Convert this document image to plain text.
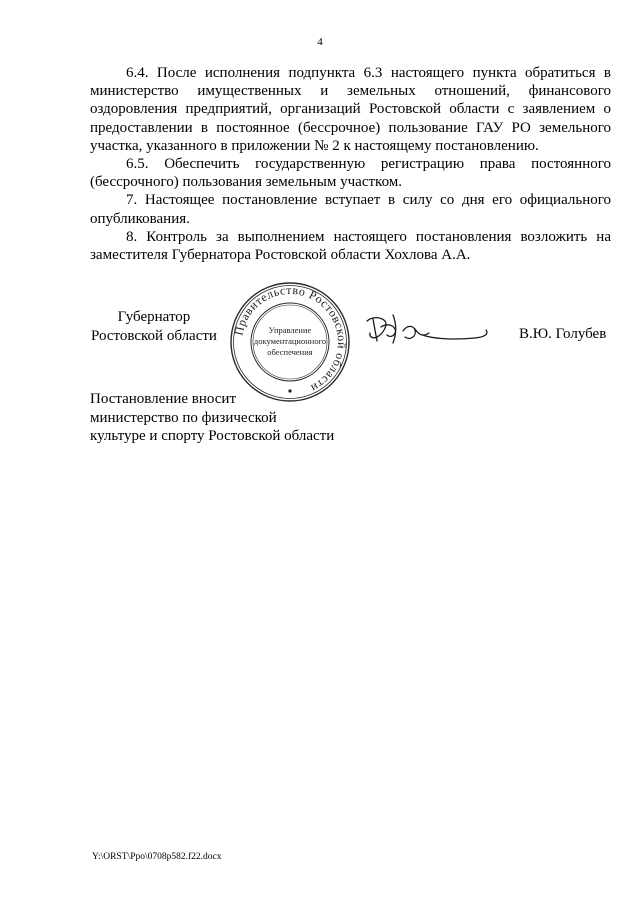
4

6.4. После исполнения подпункта 6.3 настоящего пункта обратиться в министерство имущественных и земельных отношений, финансового оздоровления предприятий, организаций Ростовской области с заявлением о предоставлении в постоянное (бессрочное) пользование ГАУ РО земельного участка, указанного в приложении № 2 к настоящему постановлению.

6.5. Обеспечить государственную регистрацию права постоянного (бессрочного) пользования земельным участком.

7. Настоящее постановление вступает в силу со дня его официального опубликования.

8. Контроль за выполнением настоящего постановления возложить на заместителя Губернатора Ростовской области Хохлова А.А.

Губернатор
Ростовской области Правительство Ростовской области
Управление
документационного
обеспечения
В.Ю. Голубев
Постановление вносит
министерство по физической
культуре и спорту Ростовской области
Y:\ORST\Ppo\0708p582.f22.docx
